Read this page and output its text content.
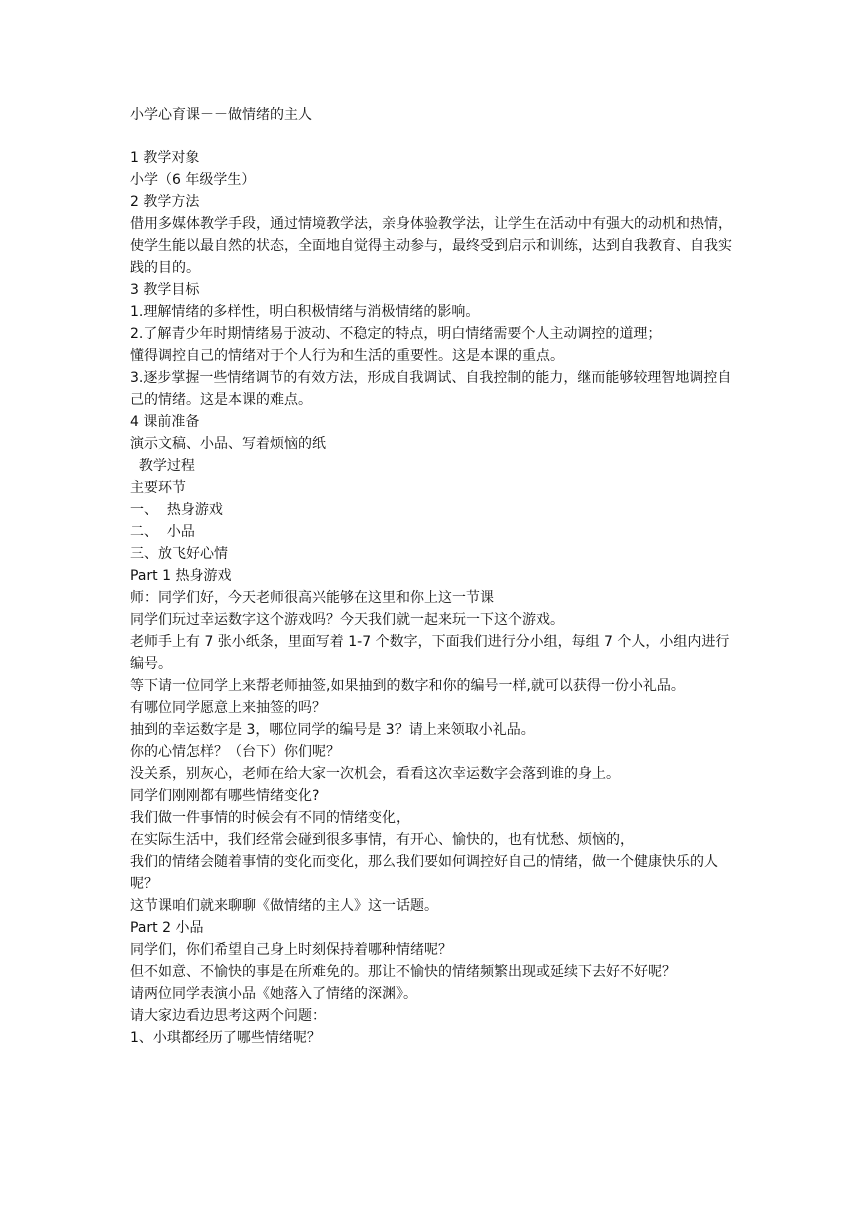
小学心育课－－做情绪的主人

1 教学对象

小学（6 年级学生）

2 教学方法

借用多媒体教学手段，通过情境教学法，亲身体验教学法，让学生在活动中有强大的动机和热情，

使学生能以最自然的状态，全面地自觉得主动参与，最终受到启示和训练，达到自我教育、自我实践的目的。

3 教学目标

1.理解情绪的多样性，明白积极情绪与消极情绪的影响。

2.了解青少年时期情绪易于波动、不稳定的特点，明白情绪需要个人主动调控的道理；

懂得调控自己的情绪对于个人行为和生活的重要性。这是本课的重点。

3.逐步掌握一些情绪调节的有效方法，形成自我调试、自我控制的能力，继而能够较理智地调控自己的情绪。这是本课的难点。

4 课前准备

演示文稿、小品、写着烦恼的纸

教学过程

主要环节

一、  热身游戏

二、  小品

三、放飞好心情

Part 1 热身游戏

师：同学们好，今天老师很高兴能够在这里和你上这一节课

同学们玩过幸运数字这个游戏吗？今天我们就一起来玩一下这个游戏。

老师手上有 7 张小纸条，里面写着 1-7 个数字，下面我们进行分小组，每组 7 个人，小组内进行编号。

等下请一位同学上来帮老师抽签,如果抽到的数字和你的编号一样,就可以获得一份小礼品。

有哪位同学愿意上来抽签的吗？

抽到的幸运数字是 3，哪位同学的编号是 3？请上来领取小礼品。

你的心情怎样？（台下）你们呢？

没关系，别灰心，老师在给大家一次机会，看看这次幸运数字会落到谁的身上。

同学们刚刚都有哪些情绪变化?

我们做一件事情的时候会有不同的情绪变化，

在实际生活中，我们经常会碰到很多事情，有开心、愉快的，也有忧愁、烦恼的，

我们的情绪会随着事情的变化而变化，那么我们要如何调控好自己的情绪，做一个健康快乐的人呢？

这节课咱们就来聊聊《做情绪的主人》这一话题。

Part 2 小品

同学们，你们希望自己身上时刻保持着哪种情绪呢？

但不如意、不愉快的事是在所难免的。那让不愉快的情绪频繁出现或延续下去好不好呢？

请两位同学表演小品《她落入了情绪的深渊》。

请大家边看边思考这两个问题：

1、小琪都经历了哪些情绪呢？
